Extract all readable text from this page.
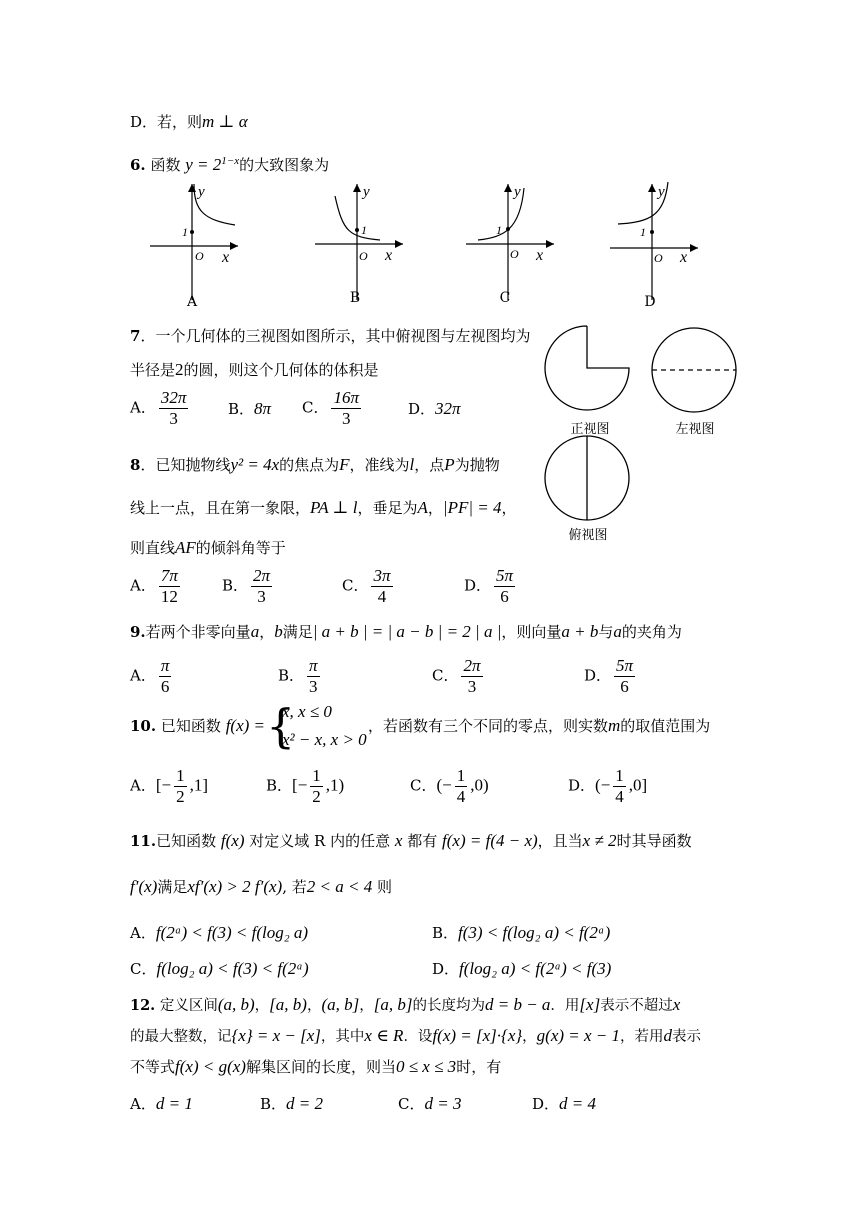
D．若，则m ⊥ α
6. 函数 $y = 2^{1-x}$的大致图象为
y
1
O x
A
y
1
O x
B
y
1
O x
C
y
1
O x
D
7．一个几何体的三视图如图所示，其中俯视图与左视图均为
半径是2的圆，则这个几何体的体积是
A． $\frac{32\pi}{3}$	B．8π C． $\frac{16\pi}{3}$	D．32π
正视图	左视图
俯视图
8．已知抛物线y² = 4x的焦点为F，准线为l，点P为抛物
线上一点，且在第一象限，PA ⊥ l，垂足为A，|PF| = 4，
则直线AF的倾斜角等于
A． $\frac{7\pi}{12}$	B． $\frac{2\pi}{3}$	C． $\frac{3\pi}{4}$	D． $\frac{5\pi}{6}$
9.若两个非零向量a，b满足| a + b | = | a − b | = 2 | a |，则向量a + b与a的夹角为
A． $\frac{\pi}{6}$	B． $\frac{\pi}{3}$	C． $\frac{2\pi}{3}$	D． $\frac{5\pi}{6}$
10. 已知函数 f(x) = {
x, x ≤ 0
x² − x, x > 0
，若函数有三个不同的零点，则实数m的取值范围为
A．[− $\frac{1}{2} ,1$]	B．[− $\frac{1}{2} ,1$)	C．(− $\frac{1}{4} ,0$)	D．(− $\frac{1}{4} ,0$]
11.已知函数 f(x) 对定义域 R 内的任意 x 都有 f(x) = f(4 − x)，且当x ≠ 2时其导函数
f′(x)满足xf′(x) > 2 f′(x), 若2 < a < 4 则
A．f(2ᵃ) < f(3) < f(log₂ a)	B．f(3) < f(log₂ a) < f(2ᵃ)
C．f(log₂ a) < f(3) < f(2ᵃ)	D．f(log₂ a) < f(2ᵃ) < f(3)
12. 定义区间(a, b)，[a, b)，(a, b]，[a, b]的长度均为d = b − a．用[x]表示不超过x
的最大整数，记{x} = x − [x]，其中x ∈ R．设f(x) = [x]·{x}，g(x) = x − 1，若用d表示
不等式f(x) < g(x)解集区间的长度，则当0 ≤ x ≤ 3时，有
A．d = 1	B．d = 2	C．d = 3	D．d = 4
